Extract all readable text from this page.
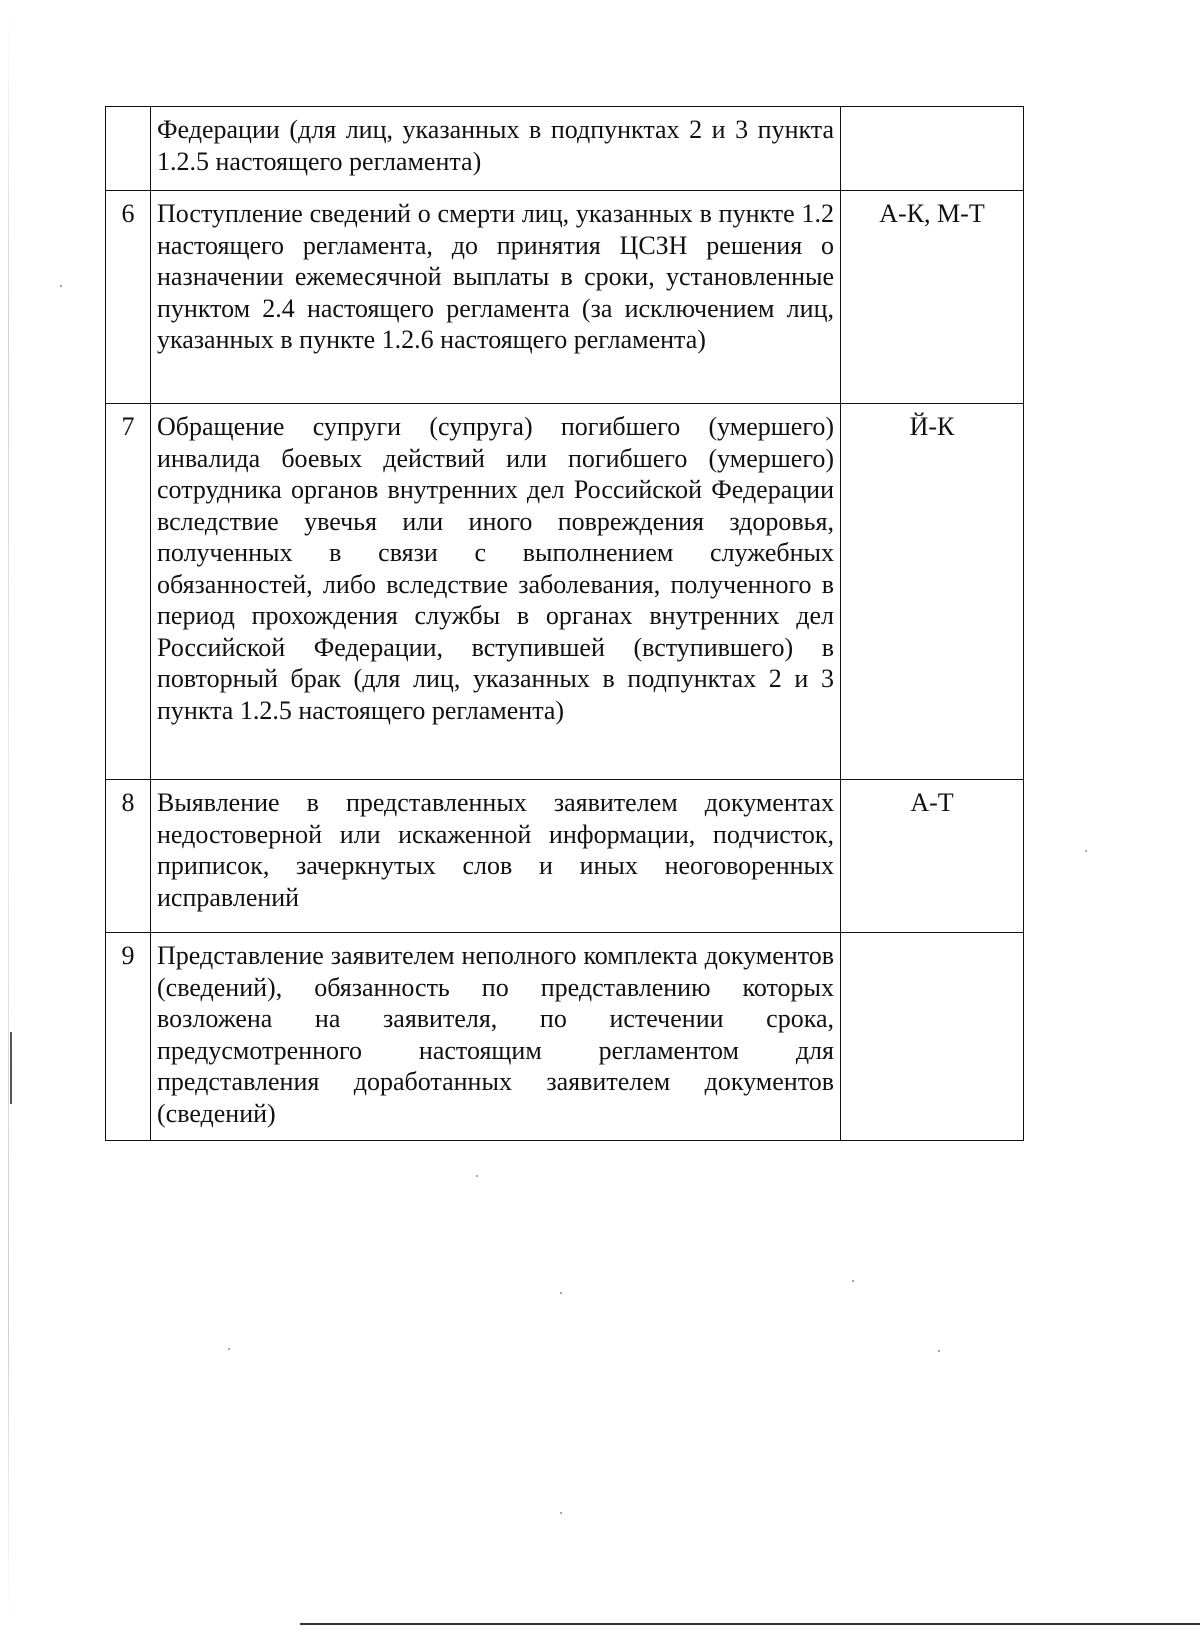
	Федерации (для лиц, указанных в подпунктах 2 и 3 пункта 1.2.5 настоящего регламента)	
6	Поступление сведений о смерти лиц, указанных в пункте 1.2 настоящего регламента, до принятия ЦСЗН решения о назначении ежемесячной выплаты в сроки, установленные пунктом 2.4 настоящего регламента (за исключением лиц, указанных в пункте 1.2.6 настоящего регламента)	А-К, М-Т
7	Обращение супруги (супруга) погибшего (умершего) инвалида боевых действий или погибшего (умершего) сотрудника органов внутренних дел Российской Федерации вследствие увечья или иного повреждения здоровья, полученных в связи с выполнением служебных обязанностей, либо вследствие заболевания, полученного в период прохождения службы в органах внутренних дел Российской Федерации, вступившей (вступившего) в повторный брак (для лиц, указанных в подпунктах 2 и 3 пункта 1.2.5 настоящего регламента)	Й-К
8	Выявление в представленных заявителем документах недостоверной или искаженной информации, подчисток, приписок, зачеркнутых слов и иных неоговоренных исправлений	А-Т
9	Представление заявителем неполного комплекта документов (сведений), обязанность по представлению которых возложена на заявителя, по истечении срока, предусмотренного настоящим регламентом для представления доработанных заявителем документов (сведений)	
